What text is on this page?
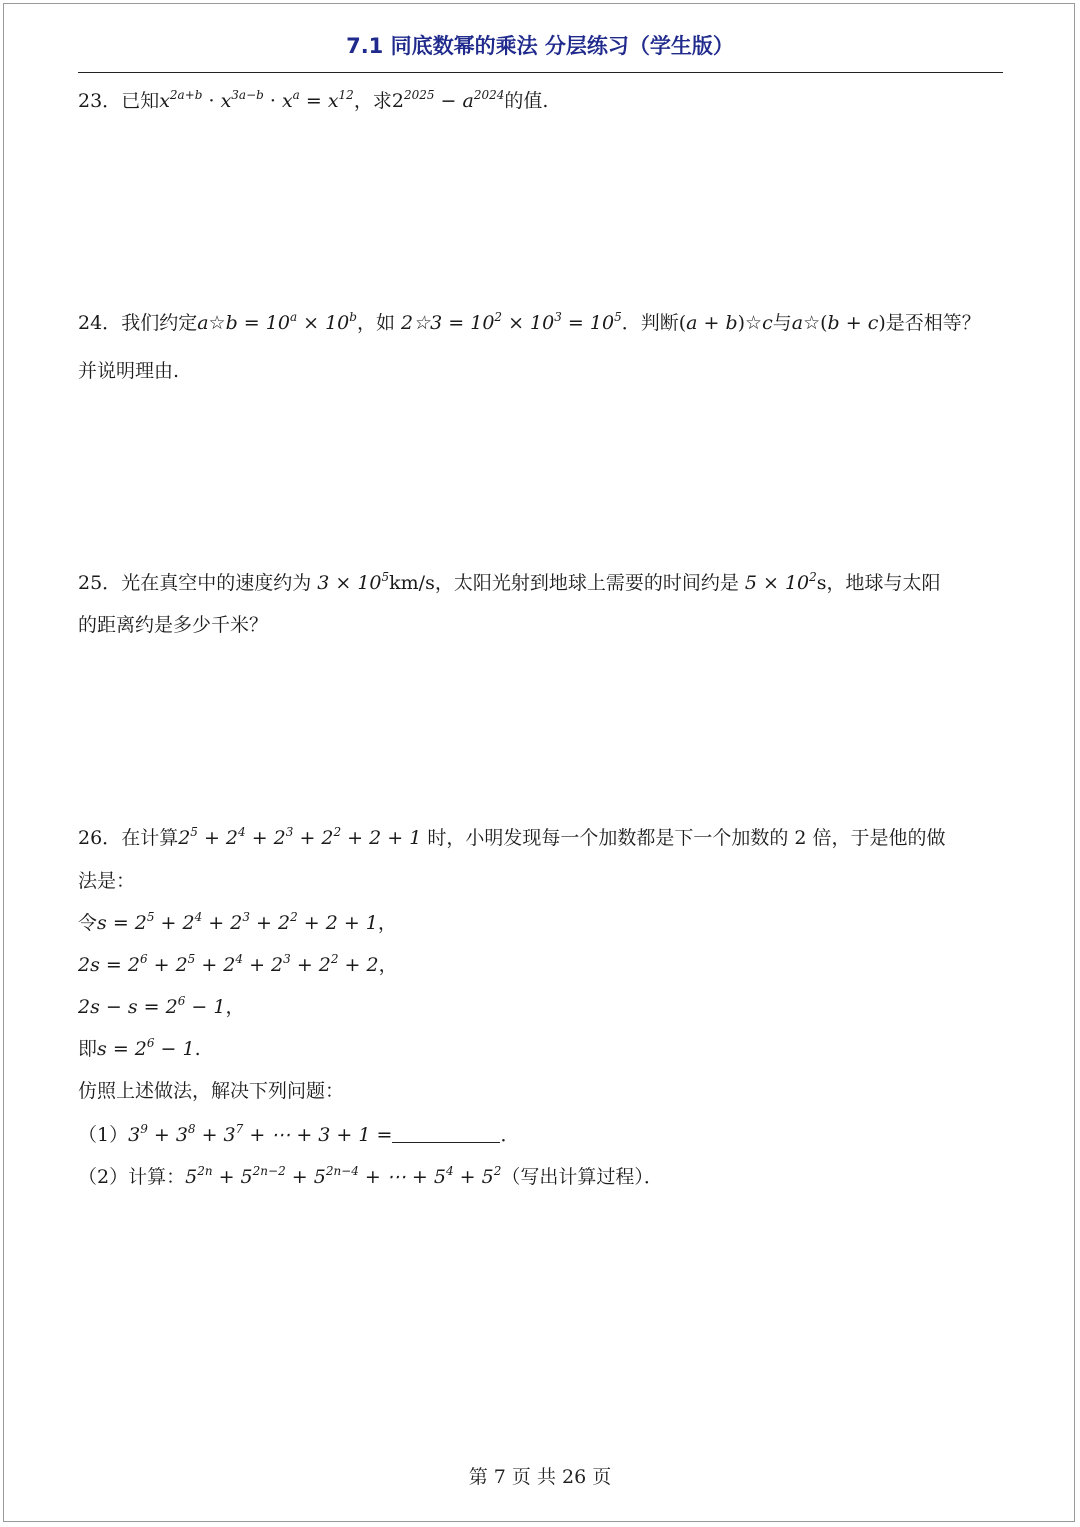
7.1 同底数幂的乘法 分层练习（学生版）
23．已知$x^{2a+b} \cdot x^{3a-b} \cdot x^a = x^{12}$，求$2^{2025} - a^{2024}$的值.
24．我们约定a☆b = $10^a \times 10^b$，如 2☆3 = $10^2 \times 10^3 = 10^5$．判断(a + b)☆c与a☆(b + c)是否相等？
并说明理由.
25．光在真空中的速度约为 $3 \times 10^5km/s$，太阳光射到地球上需要的时间约是 $5 \times 10^2s$，地球与太阳
的距离约是多少千米？
26．在计算$2^5 + 2^4 + 2^3 + 2^2 + 2 + 1$ 时，小明发现每一个加数都是下一个加数的 2 倍，于是他的做
法是：
令$s = 2^5 + 2^4 + 2^3 + 2^2 + 2 + 1$，
$2s = 2^6 + 2^5 + 2^4 + 2^3 + 2^2 + 2$，
$2s - s = 2^6 - 1$，
即$s = 2^6 - 1$.
仿照上述做法，解决下列问题：
$(1)3^9 + 3^8 + 3^7$ + ⋯ + 3 + 1 =	．
（2）计算：$5^{2n} + 5^{2n-2} + 5^{2n-4}$ + ⋯ + $5^4 + 5^2$（写出计算过程）．
第 7 页 共 26 页
